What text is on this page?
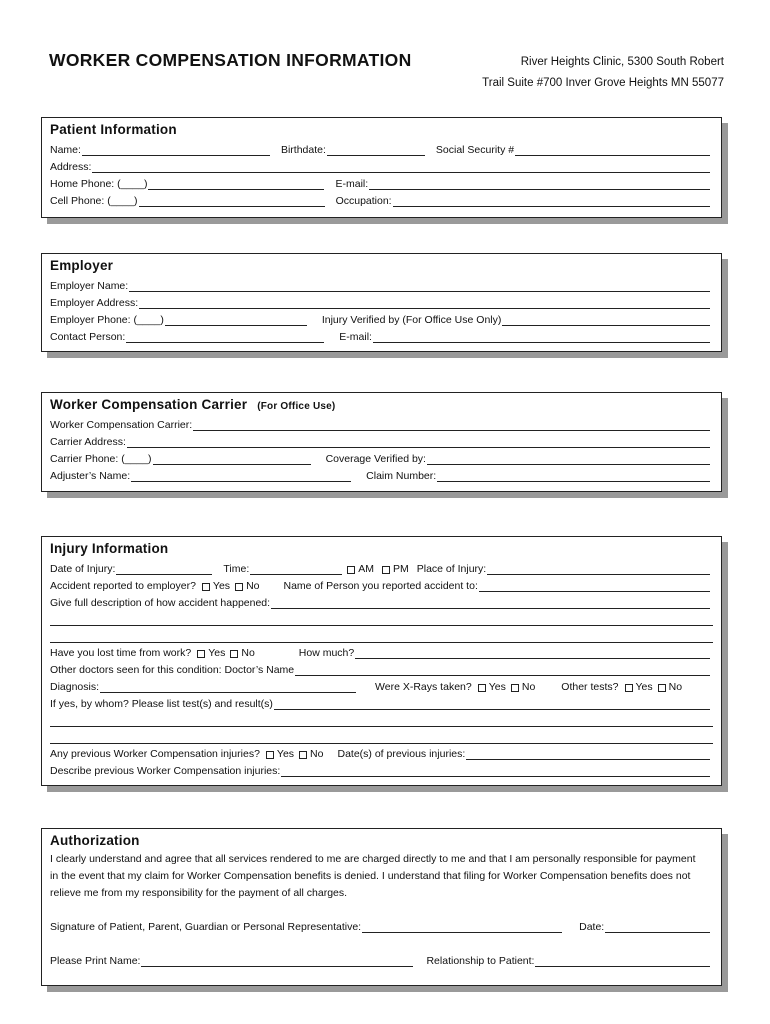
WORKER COMPENSATION INFORMATION	River Heights Clinic, 5300 South Robert
Trail Suite #700 Inver Grove Heights MN 55077
Patient Information
Name:	Birthdate:	Social Security #
Address:
Home Phone: (____)	E-mail:
Cell Phone: (____)	Occupation:
Employer
Employer Name:
Employer Address:
Employer Phone: (____)	Injury Verified by (For Office Use Only)
Contact Person:	E-mail:
Worker Compensation Carrier (For Office Use)
Worker Compensation Carrier:
Carrier Address:
Carrier Phone: (____)	Coverage Verified by:
Adjuster’s Name:	Claim Number:
Injury Information
Date of Injury:	Time:	AM PM Place of Injury:
Accident reported to employer? Yes No Name of Person you reported accident to:
Give full description of how accident happened:
Have you lost time from work? Yes No	How much?
Other doctors seen for this condition: Doctor’s Name
Diagnosis:	Were X-Rays taken? Yes No Other tests? Yes No
If yes, by whom? Please list test(s) and result(s)
Any previous Worker Compensation injuries? Yes No Date(s) of previous injuries:
Describe previous Worker Compensation injuries:
Authorization
I clearly understand and agree that all services rendered to me are charged directly to me and that I am personally responsible for payment in the event that my claim for Worker Compensation benefits is denied. I understand that filing for Worker Compensation benefits does not relieve me from my responsibility for the payment of all charges.
Signature of Patient, Parent, Guardian or Personal Representative:	Date:
Please Print Name:	Relationship to Patient:
